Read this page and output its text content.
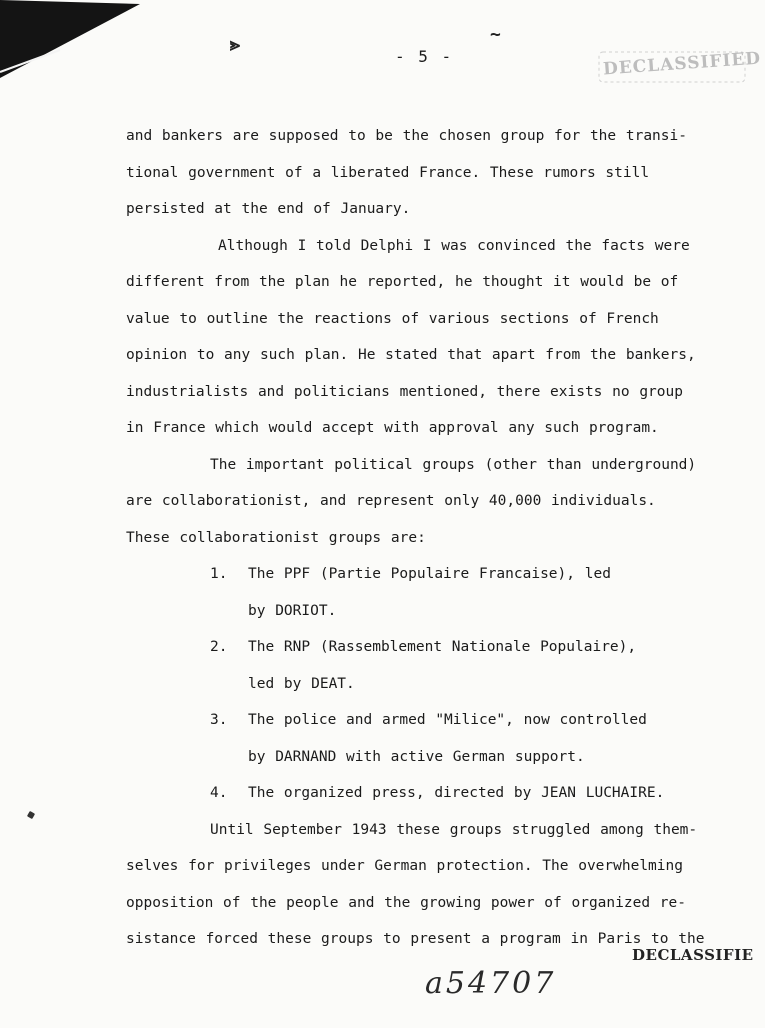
⪢	~
- 5 -	DECLASSIFIED
and bankers are supposed to be the chosen group for the transi-
tional government of a liberated France. These rumors still
persisted at the end of January.
Although I told Delphi I was convinced the facts were
different from the plan he reported, he thought it would be of
value to outline the reactions of various sections of French
opinion to any such plan. He stated that apart from the bankers,
industrialists and politicians mentioned, there exists no group
in France which would accept with approval any such program.
The important political groups (other than underground)
are collaborationist, and represent only 40,000 individuals.
These collaborationist groups are:
1. The PPF (Partie Populaire Francaise), led
by DORIOT.
2. The RNP (Rassemblement Nationale Populaire),
led by DEAT.
3. The police and armed "Milice", now controlled
by DARNAND with active German support.
4. The organized press, directed by JEAN LUCHAIRE.
Until September 1943 these groups struggled among them-
selves for privileges under German protection. The overwhelming
opposition of the people and the growing power of organized re-
sistance forced these groups to present a program in Paris to the
DECLASSIFIE
a54707
